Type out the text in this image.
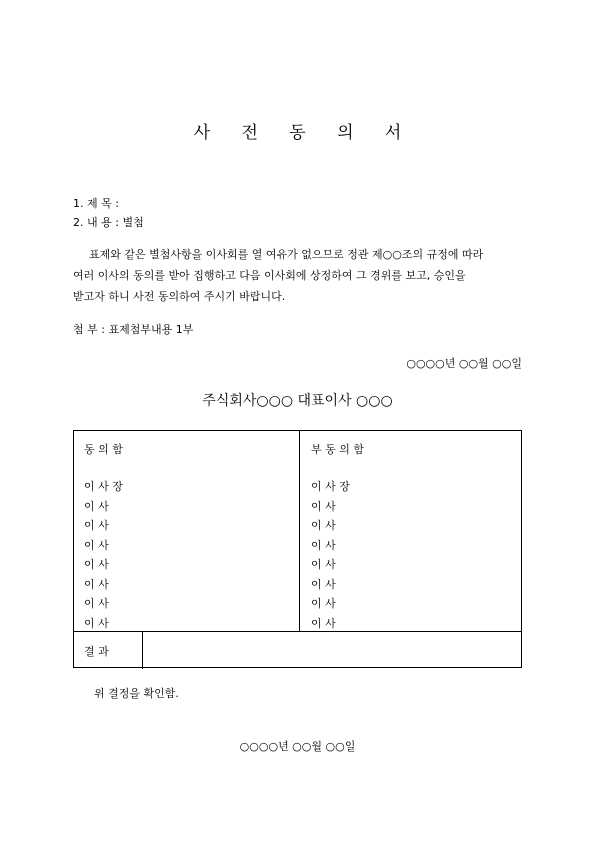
사 전 동 의 서
1. 제 목 :
2. 내 용 : 별첨
표제와 같은 별첨사항을 이사회를 열 여유가 없으므로 정관 제○○조의 규정에 따라
여러 이사의 동의를 받아 집행하고 다음 이사회에 상정하여 그 경위를 보고, 승인을
받고자 하니 사전 동의하여 주시기 바랍니다.
첨 부 : 표제첨부내용 1부
○○○○년 ○○월 ○○일
주식회사○○○ 대표이사 ○○○
동 의 함	부 동 의 함
이 사 장
이 사
이 사
이 사
이 사
이 사
이 사
이 사
이 사 장
이 사
이 사
이 사
이 사
이 사
이 사
이 사
결 과
위 결정을 확인함.
○○○○년 ○○월 ○○일
